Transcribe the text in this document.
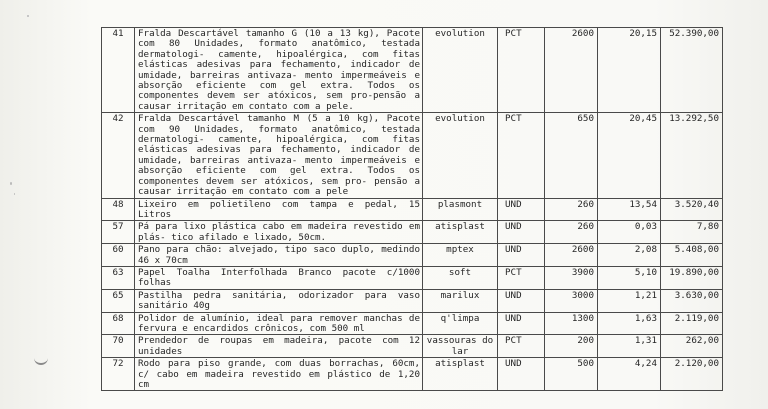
41	Fralda Descartável tamanho G (10 a 13 kg), Pacote com 80 Unidades, formato anatômico, testada dermatologi- camente, hipoalérgica, com fitas elásticas adesivas para fechamento, indicador de umidade, barreiras antivaza- mento impermeáveis e absorção eficiente com gel extra. Todos os componentes devem ser atóxicos, sem pro-pensão a causar irritação em contato com a pele.	evolution	PCT	2600	20,15	52.390,00
42	Fralda Descartável tamanho M (5 a 10 kg), Pacote com 90 Unidades, formato anatômico, testada dermatologi- camente, hipoalérgica, com fitas elásticas adesivas para fechamento, indicador de umidade, barreiras antivaza- mento impermeáveis e absorção eficiente com gel extra. Todos os componentes devem ser atóxicos, sem pro- pensão a causar irritação em contato com a pele	evolution	PCT	650	20,45	13.292,50
48	Lixeiro em polietileno com tampa e pedal, 15 Litros	plasmont	UND	260	13,54	3.520,40
57	Pá para lixo plástica cabo em madeira revestido em plás- tico afilado e lixado, 50cm.	atisplast	UND	260	0,03	7,80
60	Pano para chão: alvejado, tipo saco duplo, medindo 46 x 70cm	mptex	UND	2600	2,08	5.408,00
63	Papel Toalha Interfolhada Branco pacote c/1000 folhas	soft	PCT	3900	5,10	19.890,00
65	Pastilha pedra sanitária, odorizador para vaso sanitário 40g	marilux	UND	3000	1,21	3.630,00
68	Polidor de alumínio, ideal para remover manchas de fervura e encardidos crônicos, com 500 ml	q'limpa	UND	1300	1,63	2.119,00
70	Prendedor de roupas em madeira, pacote com 12 unidades	vassouras do lar	PCT	200	1,31	262,00
72	Rodo para piso grande, com duas borrachas, 60cm, c/ cabo em madeira revestido em plástico de 1,20 cm	atisplast	UND	500	4,24	2.120,00
